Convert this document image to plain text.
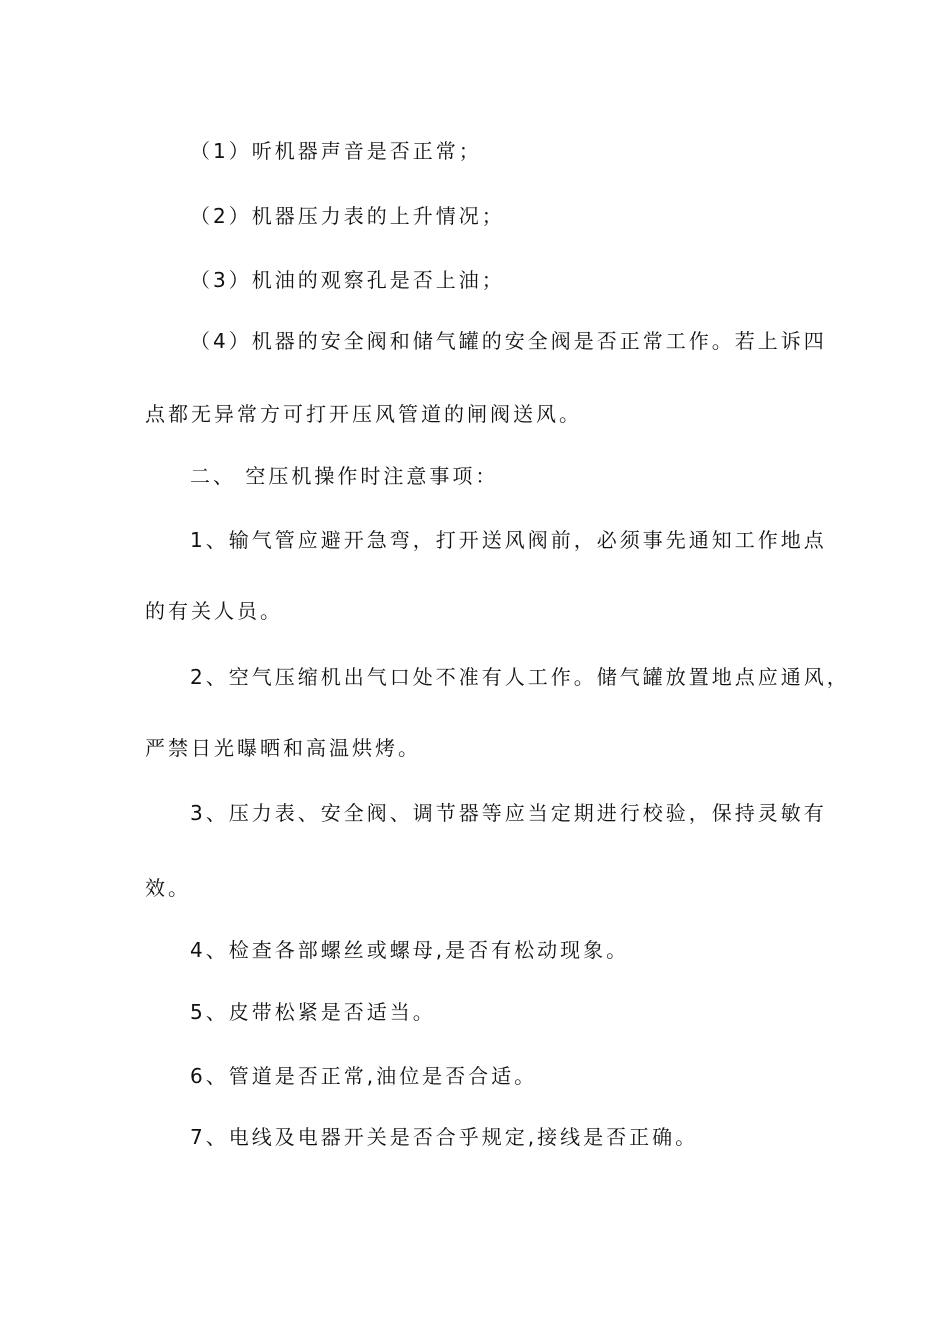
（1）听机器声音是否正常；
（2）机器压力表的上升情况；
（3）机油的观察孔是否上油；
（4）机器的安全阀和储气罐的安全阀是否正常工作。若上诉四
点都无异常方可打开压风管道的闸阀送风。
二、 空压机操作时注意事项：
1、输气管应避开急弯，打开送风阀前，必须事先通知工作地点
的有关人员。
2、空气压缩机出气口处不准有人工作。储气罐放置地点应通风，
严禁日光曝晒和高温烘烤。
3、压力表、安全阀、调节器等应当定期进行校验，保持灵敏有
效。
4、检查各部螺丝或螺母,是否有松动现象。
5、皮带松紧是否适当。
6、管道是否正常,油位是否合适。
7、电线及电器开关是否合乎规定,接线是否正确。
